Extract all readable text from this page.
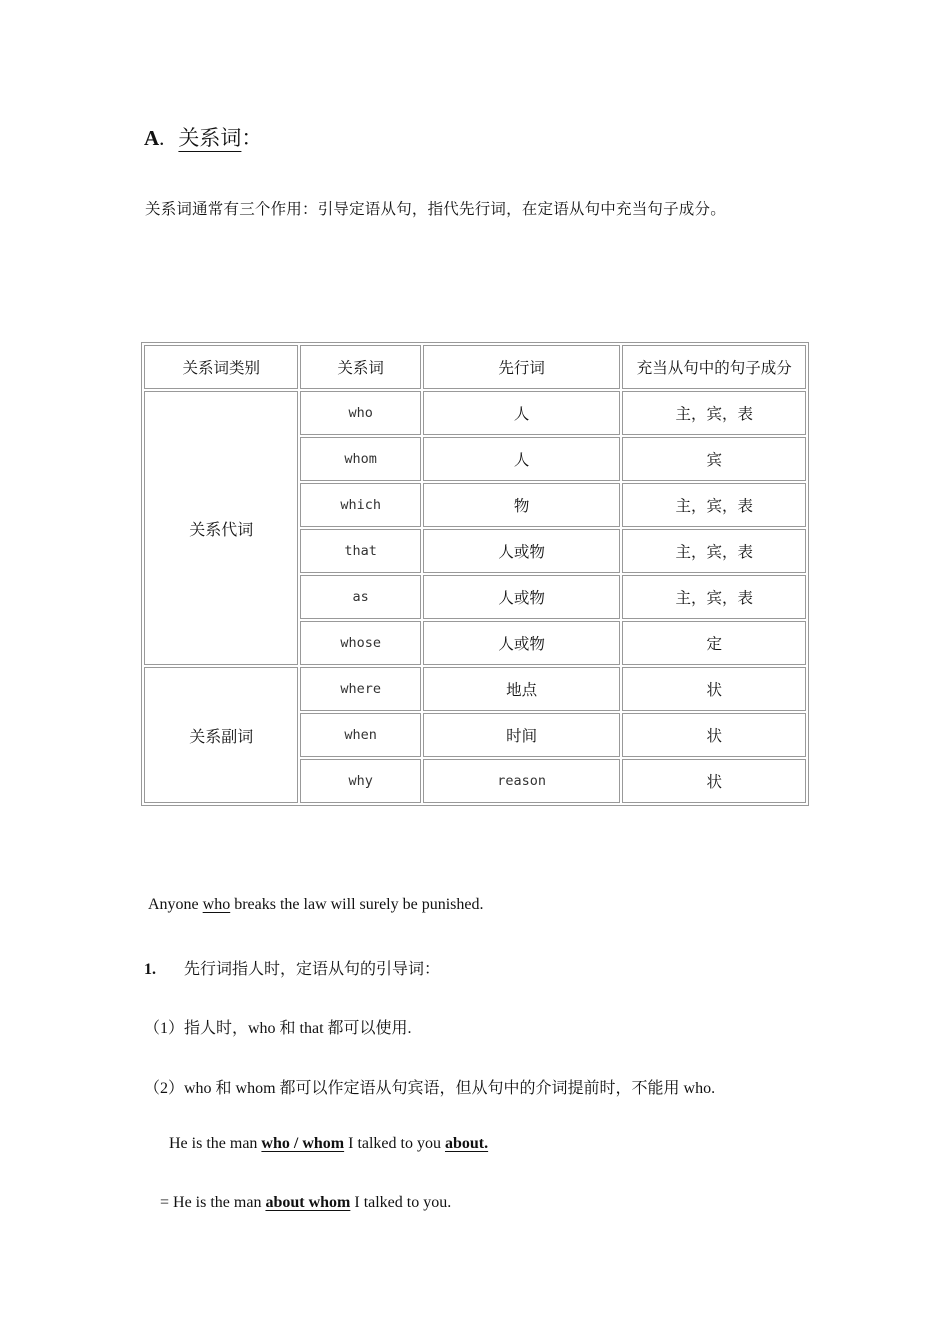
A. 关系词：
关系词通常有三个作用：引导定语从句，指代先行词，在定语从句中充当句子成分。
关系词类别	关系词	先行词	充当从句中的句子成分
关系代词	who	人	主，宾，表
	whom	人	宾
	which	物	主，宾，表
	that	人或物	主，宾，表
	as	人或物	主，宾，表
	whose	人或物	定
关系副词	where	地点	状
	when	时间	状
	why	reason	状
Anyone who breaks the law will surely be punished.
1. 先行词指人时，定语从句的引导词：
（1）指人时，who 和 that 都可以使用.
（2）who 和 whom 都可以作定语从句宾语，但从句中的介词提前时，不能用 who.
He is the man who / whom I talked to you about.
= He is the man about whom I talked to you.
